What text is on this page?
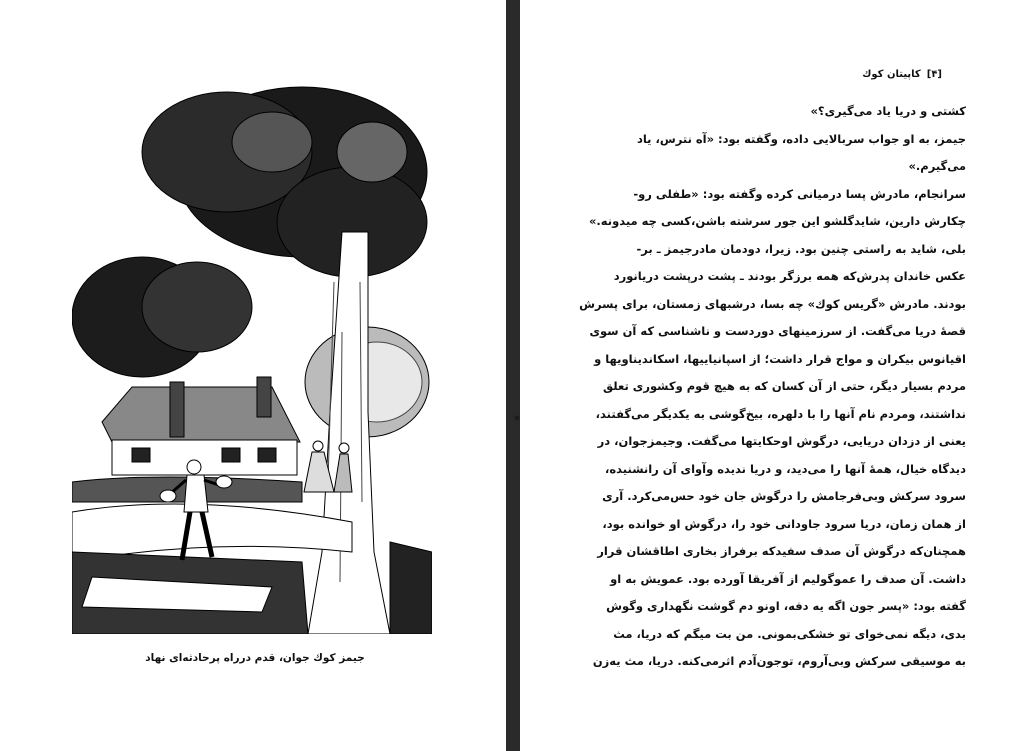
جیمز کوك جوان، قدم درراه پرحادثه‌ای نهاد
[۴]
کاپیتان کوك
کشتی و دریا یاد می‌گیری؟»
جیمز، به او جواب سربالایی داده، وگفته بود: «آه نترس، یاد
می‌گیرم.»
سرانجام، مادرش پسا درمیانی کرده وگفته بود: «طفلی رو-
چکارش دارین، شایدگلشو این جور سرشته باشن،کسی چه میدونه.»
بلی، شاید به راستی چنین بود. زیرا، دودمان مادرجیمز ـ بر-
عکس خاندان پدرش‌که همه برزگر بودند ـ پشت درپشت دریانورد
بودند. مادرش «گریس کوك» چه بسا، درشبهای زمستان، برای پسرش
قصهٔ دریا می‌گفت. از سرزمینهای دوردست و ناشناسی که آن سوی
اقیانوس بیکران و مواج قرار داشت؛ از اسپانیاییها، اسکاندیناویها و
مردم بسیار دیگر، حتی از آن کسان که به هیچ قوم وکشوری تعلق
نداشتند، ومردم نام آنها را با دلهره، بیخ‌گوشی به یکدیگر می‌گفتند،
یعنی از دزدان دریایی، درگوش اوحکایتها می‌گفت. وجیمزجوان، در
دیدگاه خیال، همهٔ آنها را می‌دید، و دریا ندیده وآوای آن رانشنیده،
سرود سرکش وبی‌فرجامش را درگوش جان خود حس‌می‌کرد. آری
از همان زمان، دریا سرود جاودانی خود را، درگوش او خوانده بود،
همچنان‌که درگوش آن صدف سفیدکه برفراز بخاری اطاقشان قرار
داشت. آن صدف را عموگولیم از آفریقا آورده بود. عمویش به او
گفته بود: «پسر جون اگه یه دفه، اونو دم گوشت نگهداری وگوش
بدی، دیگه نمی‌خوای تو خشکی‌بمونی. من بت میگم که دریا، مث
به موسیقی سرکش وبی‌آروم، توجون‌آدم اثرمی‌کنه. دریا، مث یه‌زن
*
